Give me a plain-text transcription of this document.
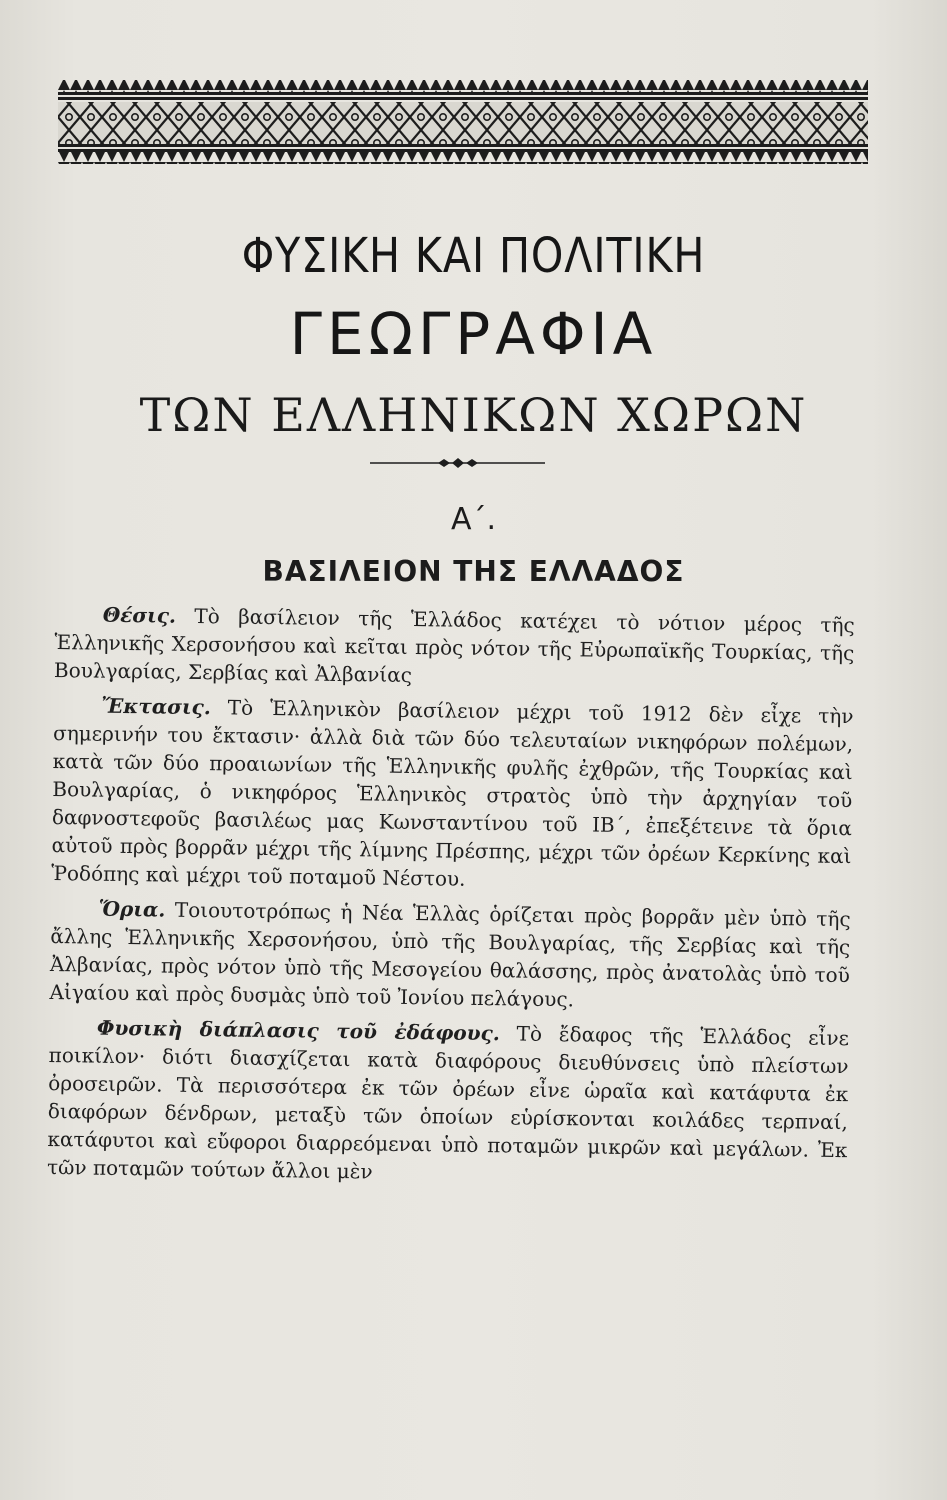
ΦΥΣΙΚΗ ΚΑΙ ΠΟΛΙΤΙΚΗ
ΓΕΩΓΡΑΦΙΑ
ΤΩΝ ΕΛΛΗΝΙΚΩΝ ΧΩΡΩΝ
Α΄.
ΒΑΣΙΛΕΙΟΝ ΤΗΣ ΕΛΛΑΔΟΣ

Θέσις. Τὸ βασίλειον τῆς Ἑλλάδος κατέχει τὸ νότιον μέρος τῆς Ἑλληνικῆς Χερσονήσου καὶ κεῖται πρὸς νότον τῆς Εὐρωπαϊκῆς Τουρκίας, τῆς Βουλγαρίας, Σερβίας καὶ Ἀλβανίας

Ἔκτασις. Τὸ Ἑλληνικὸν βασίλειον μέχρι τοῦ 1912 δὲν εἶχε τὴν σημερινήν του ἔκτασιν· ἀλλὰ διὰ τῶν δύο τελευταίων νικηφόρων πολέμων, κατὰ τῶν δύο προαιωνίων τῆς Ἑλληνικῆς φυλῆς ἐχθρῶν, τῆς Τουρκίας καὶ Βουλγαρίας, ὁ νικηφόρος Ἑλληνικὸς στρατὸς ὑπὸ τὴν ἀρχηγίαν τοῦ δαφνοστεφοῦς βασιλέως μας Κωνσταντίνου τοῦ ΙΒ΄, ἐπεξέτεινε τὰ ὅρια αὐτοῦ πρὸς βορρᾶν μέχρι τῆς λίμνης Πρέσπης, μέχρι τῶν ὀρέων Κερκίνης καὶ Ῥοδόπης καὶ μέχρι τοῦ ποταμοῦ Νέστου.

Ὅρια. Τοιουτοτρόπως ἡ Νέα Ἑλλὰς ὁρίζεται πρὸς βορρᾶν μὲν ὑπὸ τῆς ἄλλης Ἑλληνικῆς Χερσονήσου, ὑπὸ τῆς Βουλγαρίας, τῆς Σερβίας καὶ τῆς Ἀλβανίας, πρὸς νότον ὑπὸ τῆς Μεσογείου θαλάσσης, πρὸς ἀνατολὰς ὑπὸ τοῦ Αἰγαίου καὶ πρὸς δυσμὰς ὑπὸ τοῦ Ἰονίου πελάγους.

Φυσικὴ διάπλασις τοῦ ἐδάφους. Τὸ ἔδαφος τῆς Ἑλλάδος εἶνε ποικίλον· διότι διασχίζεται κατὰ διαφόρους διευθύνσεις ὑπὸ πλείστων ὀροσειρῶν. Τὰ περισσότερα ἐκ τῶν ὀρέων εἶνε ὡραῖα καὶ κατάφυτα ἐκ διαφόρων δένδρων, μεταξὺ τῶν ὁποίων εὑρίσκονται κοιλάδες τερπναί, κατάφυτοι καὶ εὔφοροι διαρρεόμεναι ὑπὸ ποταμῶν μικρῶν καὶ μεγάλων. Ἐκ τῶν ποταμῶν τούτων ἄλλοι μὲν
